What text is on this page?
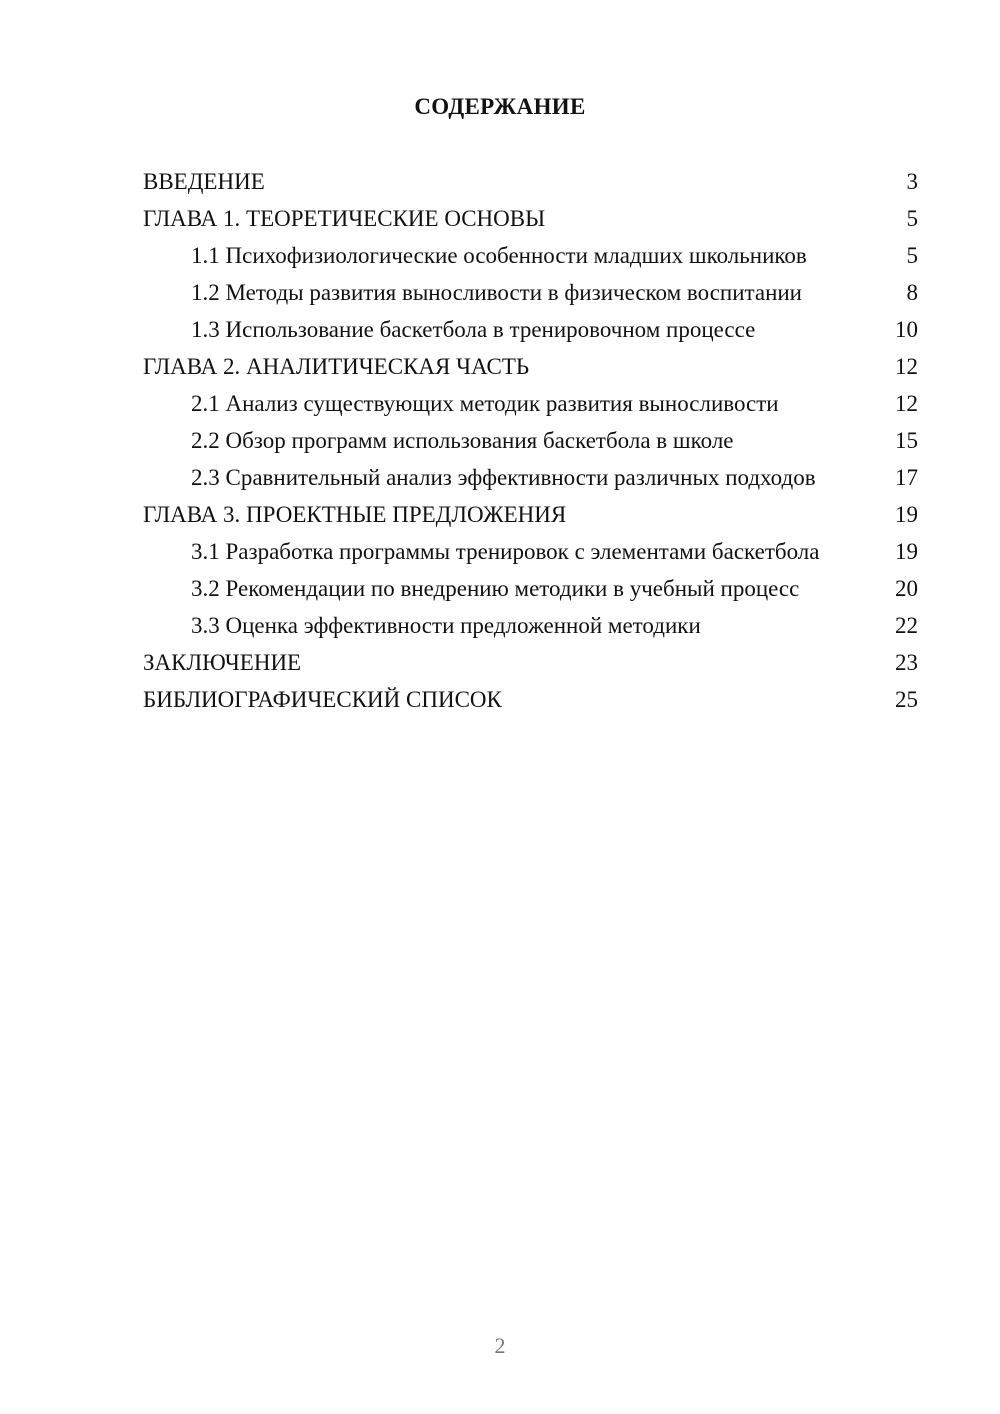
СОДЕРЖАНИЕ
ВВЕДЕНИЕ	3
ГЛАВА 1. ТЕОРЕТИЧЕСКИЕ ОСНОВЫ	5
1.1 Психофизиологические особенности младших школьников	5
1.2 Методы развития выносливости в физическом воспитании	8
1.3 Использование баскетбола в тренировочном процессе	10
ГЛАВА 2. АНАЛИТИЧЕСКАЯ ЧАСТЬ	12
2.1 Анализ существующих методик развития выносливости	12
2.2 Обзор программ использования баскетбола в школе	15
2.3 Сравнительный анализ эффективности различных подходов	17
ГЛАВА 3. ПРОЕКТНЫЕ ПРЕДЛОЖЕНИЯ	19
3.1 Разработка программы тренировок с элементами баскетбола	19
3.2 Рекомендации по внедрению методики в учебный процесс	20
3.3 Оценка эффективности предложенной методики	22
ЗАКЛЮЧЕНИЕ	23
БИБЛИОГРАФИЧЕСКИЙ СПИСОК	25
2
